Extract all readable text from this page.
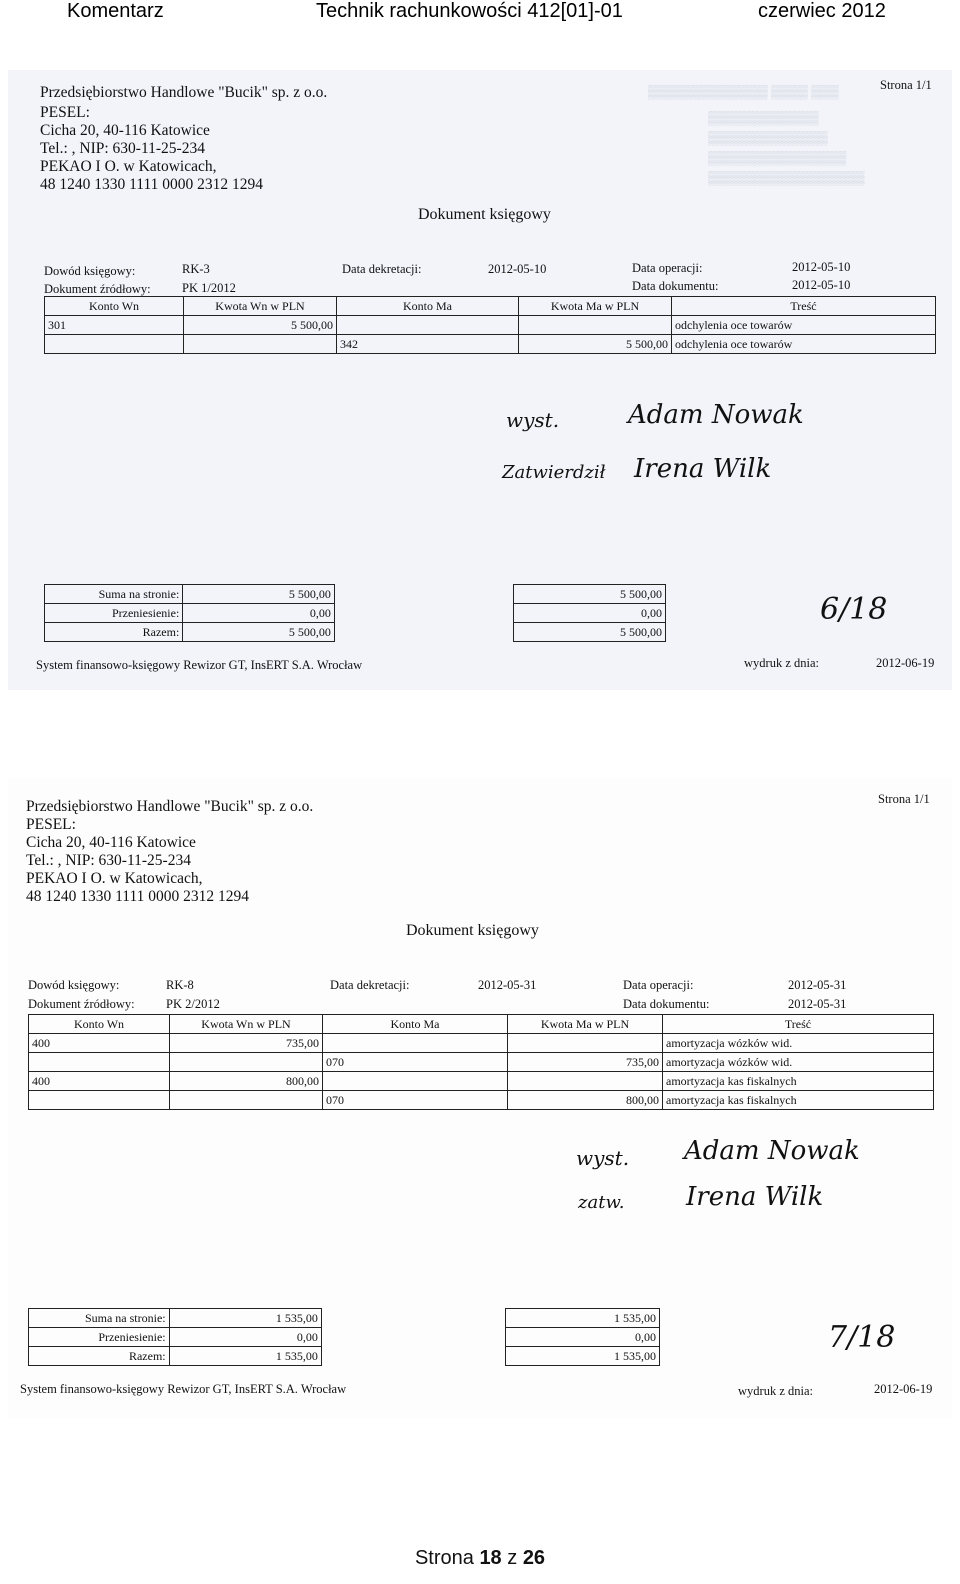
Komentarz	Technik rachunkowości 412[01]-01	czerwiec 2012
▒▒▒▒▒▒▒▒▒▒▒▒▒ ▒▒▒▒ ▒▒▒
▒▒▒▒▒▒▒▒▒▒▒▒
▒▒▒▒▒▒▒▒▒▒▒▒▒
▒▒▒▒▒▒▒▒▒▒▒▒▒▒▒
▒▒▒▒▒▒▒▒▒▒▒▒▒▒▒▒▒
Strona 1/1
Przedsiębiorstwo Handlowe "Bucik" sp. z o.o.
PESEL:
Cicha 20, 40-116 Katowice
Tel.: , NIP: 630-11-25-234
PEKAO I O. w Katowicach,
48 1240 1330 1111 0000 2312 1294
Dokument księgowy
Dowód księgowy:	RK-3	Data dekretacji:	2012-05-10	Data operacji:	2012-05-10
Dokument źródłowy:	PK 1/2012	Data dokumentu:	2012-05-10
Konto Wn	Kwota Wn w PLN	Konto Ma	Kwota Ma w PLN	Treść
301	5 500,00			odchylenia oce towarów
		342	5 500,00	odchylenia oce towarów
wyst.	Adam Nowak
Zatwierdził Irena Wilk
Suma na stronie:	5 500,00		5 500,00
Przeniesienie:	0,00		0,00
Razem:	5 500,00		5 500,00
6/18
System finansowo-księgowy Rewizor GT, InsERT S.A. Wrocław	wydruk z dnia:	2012-06-19
Strona 1/1
Przedsiębiorstwo Handlowe "Bucik" sp. z o.o.
PESEL:
Cicha 20, 40-116 Katowice
Tel.: , NIP: 630-11-25-234
PEKAO I O. w Katowicach,
48 1240 1330 1111 0000 2312 1294
Dokument księgowy
Dowód księgowy:	RK-8	Data dekretacji:	2012-05-31	Data operacji:	2012-05-31
Dokument źródłowy:	PK 2/2012	Data dokumentu:	2012-05-31
Konto Wn	Kwota Wn w PLN	Konto Ma	Kwota Ma w PLN	Treść
400	735,00			amortyzacja wózków wid.
		070	735,00	amortyzacja wózków wid.
400	800,00			amortyzacja kas fiskalnych
		070	800,00	amortyzacja kas fiskalnych
wyst. Adam Nowak
zatw. Irena Wilk
Suma na stronie:	1 535,00		1 535,00
Przeniesienie:	0,00		0,00
Razem:	1 535,00		1 535,00
7/18
System finansowo-księgowy Rewizor GT, InsERT S.A. Wrocław	wydruk z dnia:	2012-06-19
Strona 18 z 26
